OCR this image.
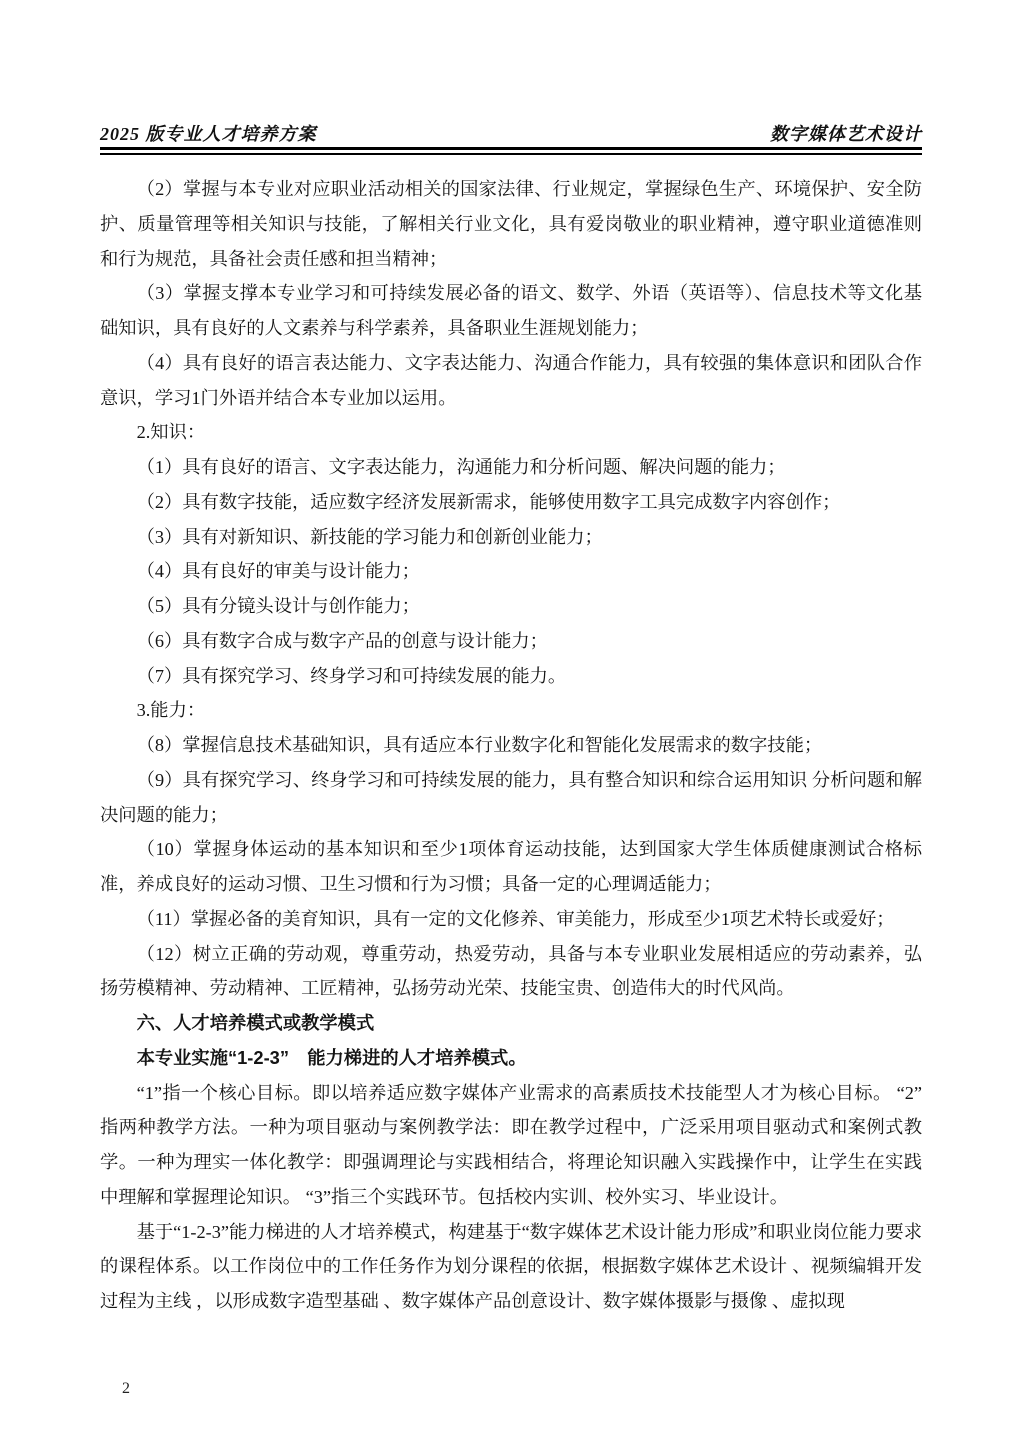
2025 版专业人才培养方案	数字媒体艺术设计

（2）掌握与本专业对应职业活动相关的国家法律、行业规定，掌握绿色生产、环境保护、安全防护、质量管理等相关知识与技能，了解相关行业文化，具有爱岗敬业的职业精神，遵守职业道德准则和行为规范，具备社会责任感和担当精神；

（3）掌握支撑本专业学习和可持续发展必备的语文、数学、外语（英语等）、信息技术等文化基础知识，具有良好的人文素养与科学素养，具备职业生涯规划能力；

（4）具有良好的语言表达能力、文字表达能力、沟通合作能力，具有较强的集体意识和团队合作意识，学习1门外语并结合本专业加以运用。

2.知识：

（1）具有良好的语言、文字表达能力，沟通能力和分析问题、解决问题的能力；

（2）具有数字技能，适应数字经济发展新需求，能够使用数字工具完成数字内容创作；

（3）具有对新知识、新技能的学习能力和创新创业能力；

（4）具有良好的审美与设计能力；

（5）具有分镜头设计与创作能力；

（6）具有数字合成与数字产品的创意与设计能力；

（7）具有探究学习、终身学习和可持续发展的能力。

3.能力：

（8）掌握信息技术基础知识，具有适应本行业数字化和智能化发展需求的数字技能；

（9）具有探究学习、终身学习和可持续发展的能力，具有整合知识和综合运用知识 分析问题和解决问题的能力；

（10）掌握身体运动的基本知识和至少1项体育运动技能，达到国家大学生体质健康测试合格标准，养成良好的运动习惯、卫生习惯和行为习惯；具备一定的心理调适能力；

（11）掌握必备的美育知识，具有一定的文化修养、审美能力，形成至少1项艺术特长或爱好；

（12）树立正确的劳动观，尊重劳动，热爱劳动，具备与本专业职业发展相适应的劳动素养，弘扬劳模精神、劳动精神、工匠精神，弘扬劳动光荣、技能宝贵、创造伟大的时代风尚。

六、人才培养模式或教学模式

本专业实施“1-2-3”　能力梯进的人才培养模式。

“1”指一个核心目标。即以培养适应数字媒体产业需求的高素质技术技能型人才为核心目标。 “2”指两种教学方法。一种为项目驱动与案例教学法：即在教学过程中，广泛采用项目驱动式和案例式教学。一种为理实一体化教学：即强调理论与实践相结合，将理论知识融入实践操作中，让学生在实践中理解和掌握理论知识。 “3”指三个实践环节。包括校内实训、校外实习、毕业设计。

基于“1-2-3”能力梯进的人才培养模式，构建基于“数字媒体艺术设计能力形成”和职业岗位能力要求的课程体系。以工作岗位中的工作任务作为划分课程的依据，根据数字媒体艺术设计 、视频编辑开发过程为主线 ，以形成数字造型基础 、数字媒体产品创意设计、数字媒体摄影与摄像 、虚拟现

2
